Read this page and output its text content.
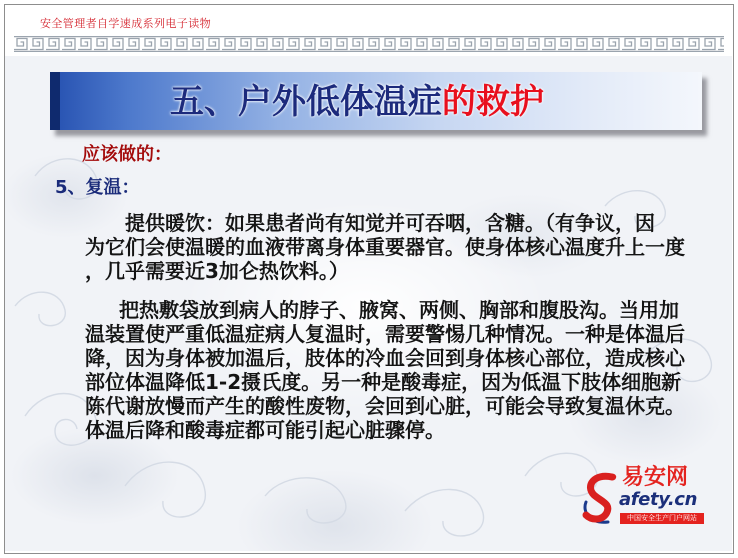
安全管理者自学速成系列电子读物
五、户外低体温症的救护
应该做的：
5、复温：
提供暖饮：如果患者尚有知觉并可吞咽，含糖。（有争议，因
为它们会使温暖的血液带离身体重要器官。使身体核心温度升上一度
，几乎需要近3加仑热饮料。）
把热敷袋放到病人的脖子、腋窝、两侧、胸部和腹股沟。当用加
温装置使严重低温症病人复温时，需要警惕几种情况。一种是体温后
降，因为身体被加温后，肢体的冷血会回到身体核心部位，造成核心
部位体温降低1-2摄氏度。另一种是酸毒症，因为低温下肢体细胞新
陈代谢放慢而产生的酸性废物，会回到心脏，可能会导致复温休克。
体温后降和酸毒症都可能引起心脏骤停。
易安网
afety.cn
中国安全生产门户网站
